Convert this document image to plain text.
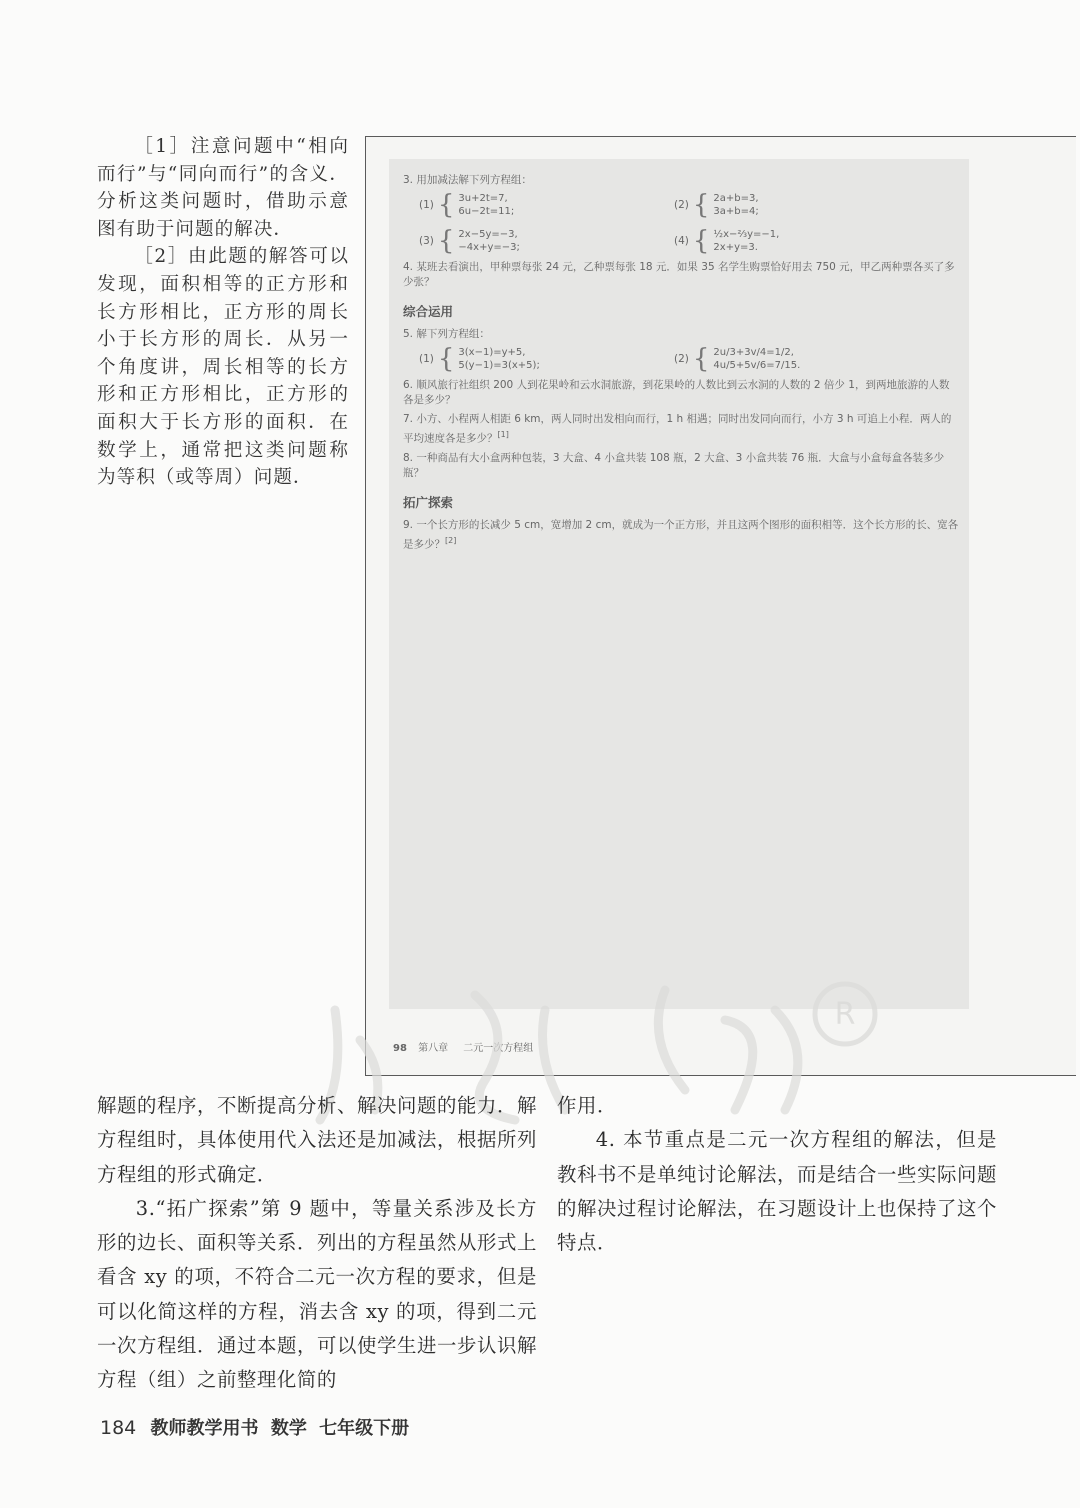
［1］注意问题中“相向而行”与“同向而行”的含义．分析这类问题时，借助示意图有助于问题的解决．

［2］由此题的解答可以发现，面积相等的正方形和长方形相比，正方形的周长小于长方形的周长．从另一个角度讲，周长相等的长方形和正方形相比，正方形的面积大于长方形的面积．在数学上，通常把这类问题称为等积（或等周）问题．

3. 用加减法解下列方程组：

(1) { 3u+2t=7,
6u−2t=11;
(2) { 2a+b=3,
3a+b=4;
(3) { 2x−5y=−3,
−4x+y=−3;
(4) { ½x−⅔y=−1,
2x+y=3.

4. 某班去看演出，甲种票每张 24 元，乙种票每张 18 元．如果 35 名学生购票恰好用去 750 元，甲乙两种票各买了多少张？

综合运用

5. 解下列方程组：

(1) { 3(x−1)=y+5,
5(y−1)=3(x+5);
(2) { 2u/3+3v/4=1/2,
4u/5+5v/6=7/15.

6. 顺风旅行社组织 200 人到花果岭和云水洞旅游，到花果岭的人数比到云水洞的人数的 2 倍少 1，到两地旅游的人数各是多少？

7. 小方、小程两人相距 6 km，两人同时出发相向而行，1 h 相遇；同时出发同向而行，小方 3 h 可追上小程．两人的平均速度各是多少？[1]

8. 一种商品有大小盒两种包装，3 大盒、4 小盒共装 108 瓶，2 大盒、3 小盒共装 76 瓶．大盒与小盒每盒各装多少瓶？

拓广探索

9. 一个长方形的长减少 5 cm，宽增加 2 cm，就成为一个正方形，并且这两个图形的面积相等．这个长方形的长、宽各是多少？[2]

98 第八章 二元一次方程组
R

解题的程序，不断提高分析、解决问题的能力．解方程组时，具体使用代入法还是加减法，根据所列方程组的形式确定．

3.“拓广探索”第 9 题中，等量关系涉及长方形的边长、面积等关系．列出的方程虽然从形式上看含 xy 的项，不符合二元一次方程的要求，但是可以化简这样的方程，消去含 xy 的项，得到二元一次方程组．通过本题，可以使学生进一步认识解方程（组）之前整理化简的

作用．

4. 本节重点是二元一次方程组的解法，但是教科书不是单纯讨论解法，而是结合一些实际问题的解决过程讨论解法，在习题设计上也保持了这个特点．

184 教师教学用书 数学 七年级下册
